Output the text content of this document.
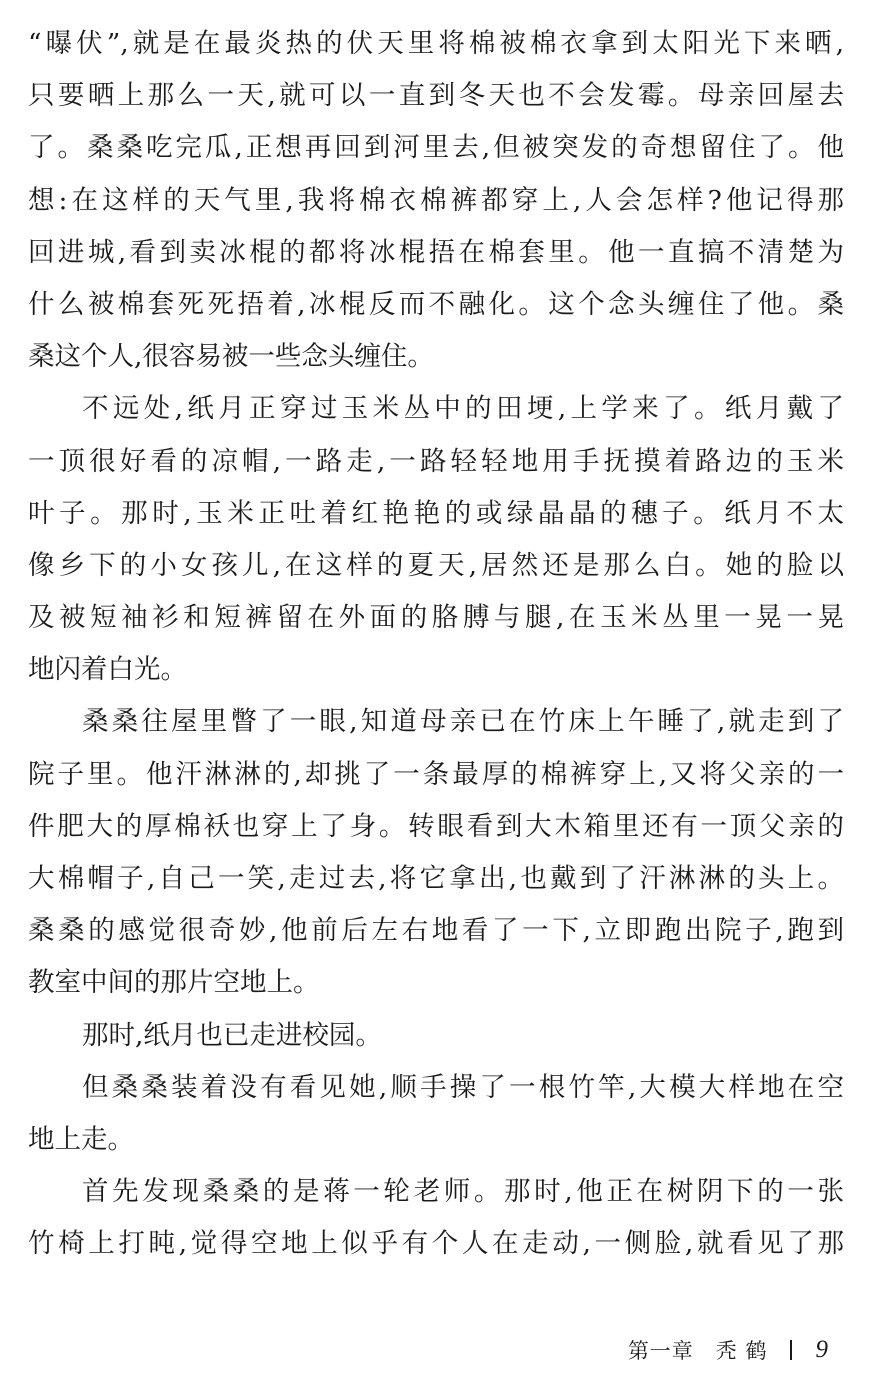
“曝伏”,就是在最炎热的伏天里将棉被棉衣拿到太阳光下来晒,
只要晒上那么一天,就可以一直到冬天也不会发霉。母亲回屋去
了。桑桑吃完瓜,正想再回到河里去,但被突发的奇想留住了。他
想:在这样的天气里,我将棉衣棉裤都穿上,人会怎样?他记得那
回进城,看到卖冰棍的都将冰棍捂在棉套里。他一直搞不清楚为
什么被棉套死死捂着,冰棍反而不融化。这个念头缠住了他。桑
桑这个人,很容易被一些念头缠住。
不远处,纸月正穿过玉米丛中的田埂,上学来了。纸月戴了
一顶很好看的凉帽,一路走,一路轻轻地用手抚摸着路边的玉米
叶子。那时,玉米正吐着红艳艳的或绿晶晶的穗子。纸月不太
像乡下的小女孩儿,在这样的夏天,居然还是那么白。她的脸以
及被短袖衫和短裤留在外面的胳膊与腿,在玉米丛里一晃一晃
地闪着白光。
桑桑往屋里瞥了一眼,知道母亲已在竹床上午睡了,就走到了
院子里。他汗淋淋的,却挑了一条最厚的棉裤穿上,又将父亲的一
件肥大的厚棉袄也穿上了身。转眼看到大木箱里还有一顶父亲的
大棉帽子,自己一笑,走过去,将它拿出,也戴到了汗淋淋的头上。
桑桑的感觉很奇妙,他前后左右地看了一下,立即跑出院子,跑到
教室中间的那片空地上。
那时,纸月也已走进校园。
但桑桑装着没有看见她,顺手操了一根竹竿,大模大样地在空
地上走。
首先发现桑桑的是蒋一轮老师。那时,他正在树阴下的一张
竹椅上打盹,觉得空地上似乎有个人在走动,一侧脸,就看见了那
第一章　秃 鹤 9
